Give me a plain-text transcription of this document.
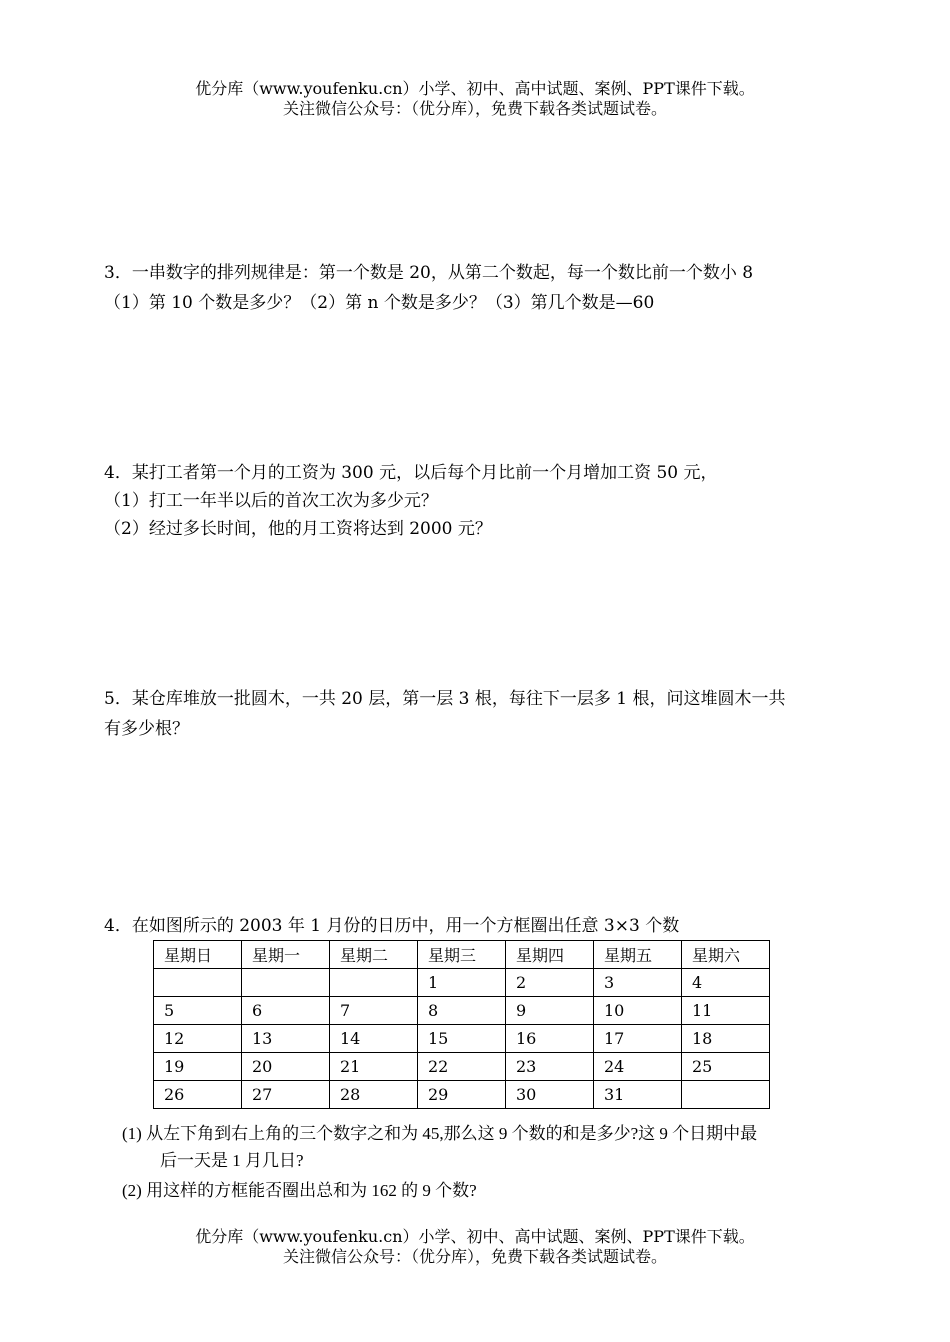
优分库（www.youfenku.cn）小学、初中、高中试题、案例、PPT课件下载。
关注微信公众号：（优分库），免费下载各类试题试卷。
3．一串数字的排列规律是：第一个数是 20，从第二个数起，每一个数比前一个数小 8
（1）第 10 个数是多少？（2）第 n 个数是多少？（3）第几个数是—60
4．某打工者第一个月的工资为 300 元，以后每个月比前一个月增加工资 50 元，
（1）打工一年半以后的首次工次为多少元？
（2）经过多长时间，他的月工资将达到 2000 元？
5．某仓库堆放一批圆木，一共 20 层，第一层 3 根，每往下一层多 1 根，问这堆圆木一共
有多少根？
4．在如图所示的 2003 年 1 月份的日历中，用一个方框圈出任意 3×3 个数
星期日	星期一	星期二	星期三	星期四	星期五	星期六
			1	2	3	4
5	6	7	8	9	10	11
12	13	14	15	16	17	18
19	20	21	22	23	24	25
26	27	28	29	30	31	
(1) 从左下角到右上角的三个数字之和为 45,那么这 9 个数的和是多少?这 9 个日期中最
后一天是 1 月几日?
(2) 用这样的方框能否圈出总和为 162 的 9 个数?
优分库（www.youfenku.cn）小学、初中、高中试题、案例、PPT课件下载。
关注微信公众号：（优分库），免费下载各类试题试卷。
